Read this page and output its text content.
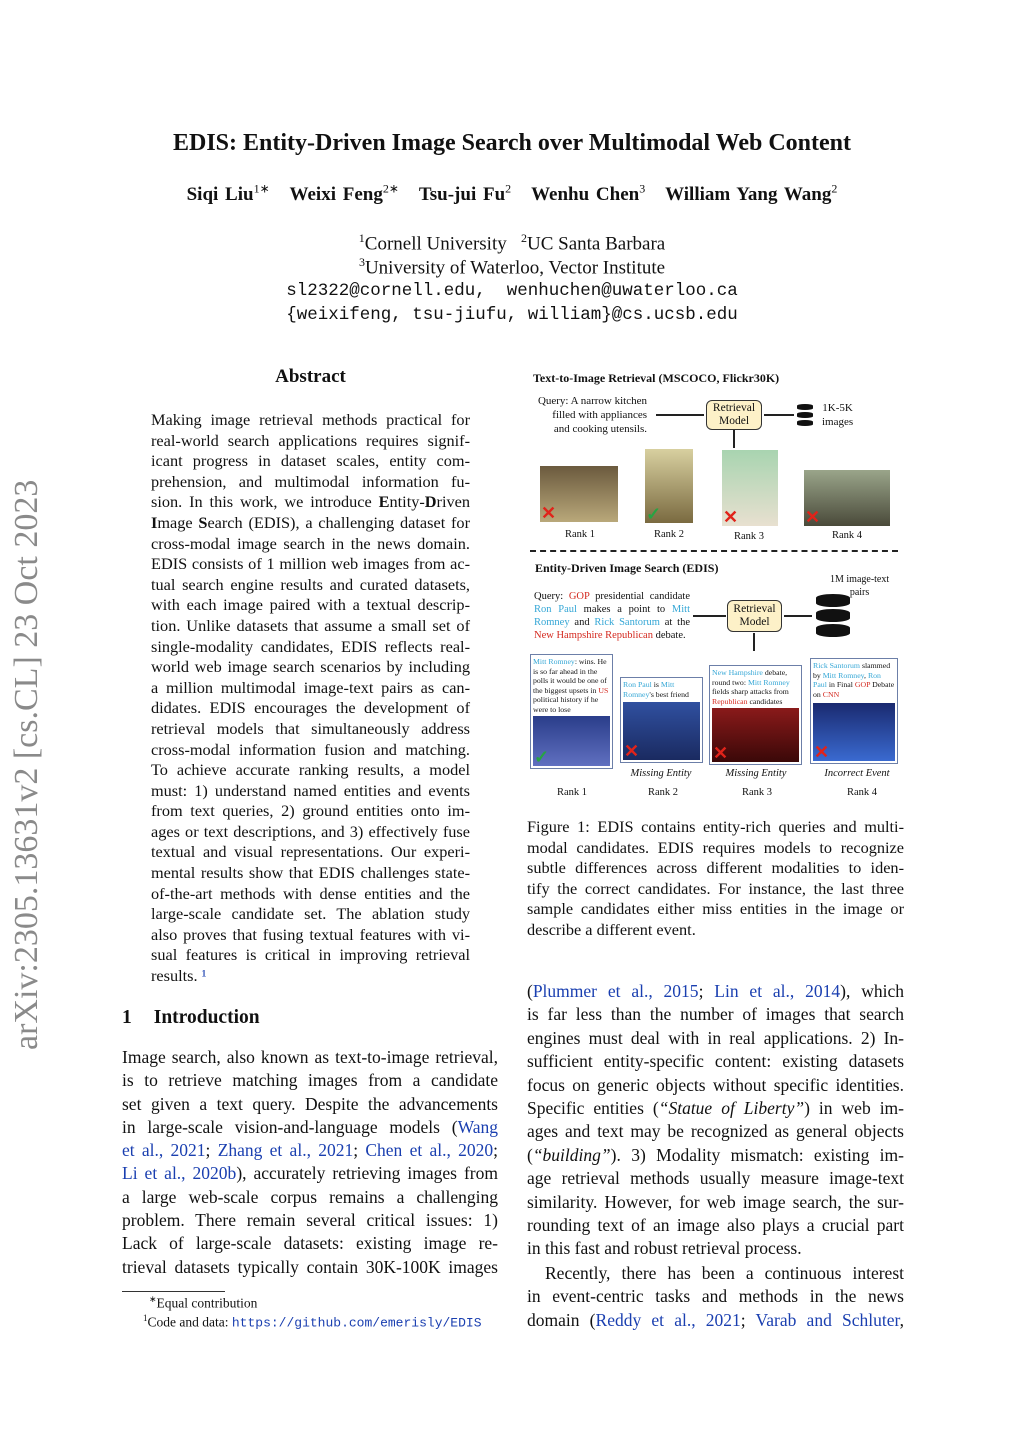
arXiv:2305.13631v2 [cs.CL] 23 Oct 2023
EDIS: Entity-Driven Image Search over Multimodal Web Content
Siqi Liu$^{1∗}$ Weixi Feng$^{2∗}$ Tsu-jui Fu$^2$ Wenhu Chen$^3$ William Yang Wang$^2$
$^1$Cornell University $^2$UC Santa Barbara
$^3$University of Waterloo, Vector Institute
sl2322@cornell.edu,  wenhuchen@uwaterloo.ca
{weixifeng, tsu-jiufu, william}@cs.ucsb.edu
Abstract
Making image retrieval methods practical for
real-world search applications requires signif-
icant progress in dataset scales, entity com-
prehension, and multimodal information fu-
sion. In this work, we introduce Entity-Driven
Image Search (EDIS), a challenging dataset for
cross-modal image search in the news domain.
EDIS consists of 1 million web images from ac-
tual search engine results and curated datasets,
with each image paired with a textual descrip-
tion. Unlike datasets that assume a small set of
single-modality candidates, EDIS reflects real-
world web image search scenarios by including
a million multimodal image-text pairs as can-
didates. EDIS encourages the development of
retrieval models that simultaneously address
cross-modal information fusion and matching.
To achieve accurate ranking results, a model
must: 1) understand named entities and events
from text queries, 2) ground entities onto im-
ages or text descriptions, and 3) effectively fuse
textual and visual representations. Our experi-
mental results show that EDIS challenges state-
of-the-art methods with dense entities and the
large-scale candidate set. The ablation study
also proves that fusing textual features with vi-
sual features is critical in improving retrieval
results. ¹
1 Introduction
Image search, also known as text-to-image retrieval,
is to retrieve matching images from a candidate
set given a text query. Despite the advancements
in large-scale vision-and-language models (Wang
et al., 2021; Zhang et al., 2021; Chen et al., 2020;
Li et al., 2020b), accurately retrieving images from
a large web-scale corpus remains a challenging
problem. There remain several critical issues: 1)
Lack of large-scale datasets: existing image re-
trieval datasets typically contain 30K-100K images
∗Equal contribution
$^1$Code and data: https://github.com/emerisly/EDIS
Text-to-Image Retrieval (MSCOCO, Flickr30K)
Query: A narrow kitchen
filled with appliances
and cooking utensils.
Retrieval
Model
1K-5K
images
✕	✓	✕	✕
Rank 1	Rank 2	Rank 3	Rank 4
Entity-Driven Image Search (EDIS)
1M image-text
pairs
Query: GOP presidential candidate
Ron Paul makes a point to Mitt
Romney and Rick Santorum at the
New Hampshire Republican debate.
Retrieval
Model
Mitt Romney: wins. He is so far ahead in the polls it would be one of the biggest upsets in US political history if he were to lose
✓
Rank 1
Ron Paul is Mitt Romney's best friend
✕
Missing Entity
Rank 2
New Hampshire debate, round two: Mitt Romney fields sharp attacks from Republican candidates
✕
Missing Entity
Rank 3
Rick Santorum slammed by Mitt Romney, Ron Paul in Final GOP Debate on CNN
✕
Incorrect Event
Rank 4
Figure 1: EDIS contains entity-rich queries and multi-
modal candidates. EDIS requires models to recognize
subtle differences across different modalities to iden-
tify the correct candidates. For instance, the last three
sample candidates either miss entities in the image or
describe a different event.
(Plummer et al., 2015; Lin et al., 2014), which
is far less than the number of images that search
engines must deal with in real applications. 2) In-
sufficient entity-specific content: existing datasets
focus on generic objects without specific identities.
Specific entities (“Statue of Liberty”) in web im-
ages and text may be recognized as general objects
(“building”). 3) Modality mismatch: existing im-
age retrieval methods usually measure image-text
similarity. However, for web image search, the sur-
rounding text of an image also plays a crucial part
in this fast and robust retrieval process.
Recently, there has been a continuous interest
in event-centric tasks and methods in the news
domain (Reddy et al., 2021; Varab and Schluter,
